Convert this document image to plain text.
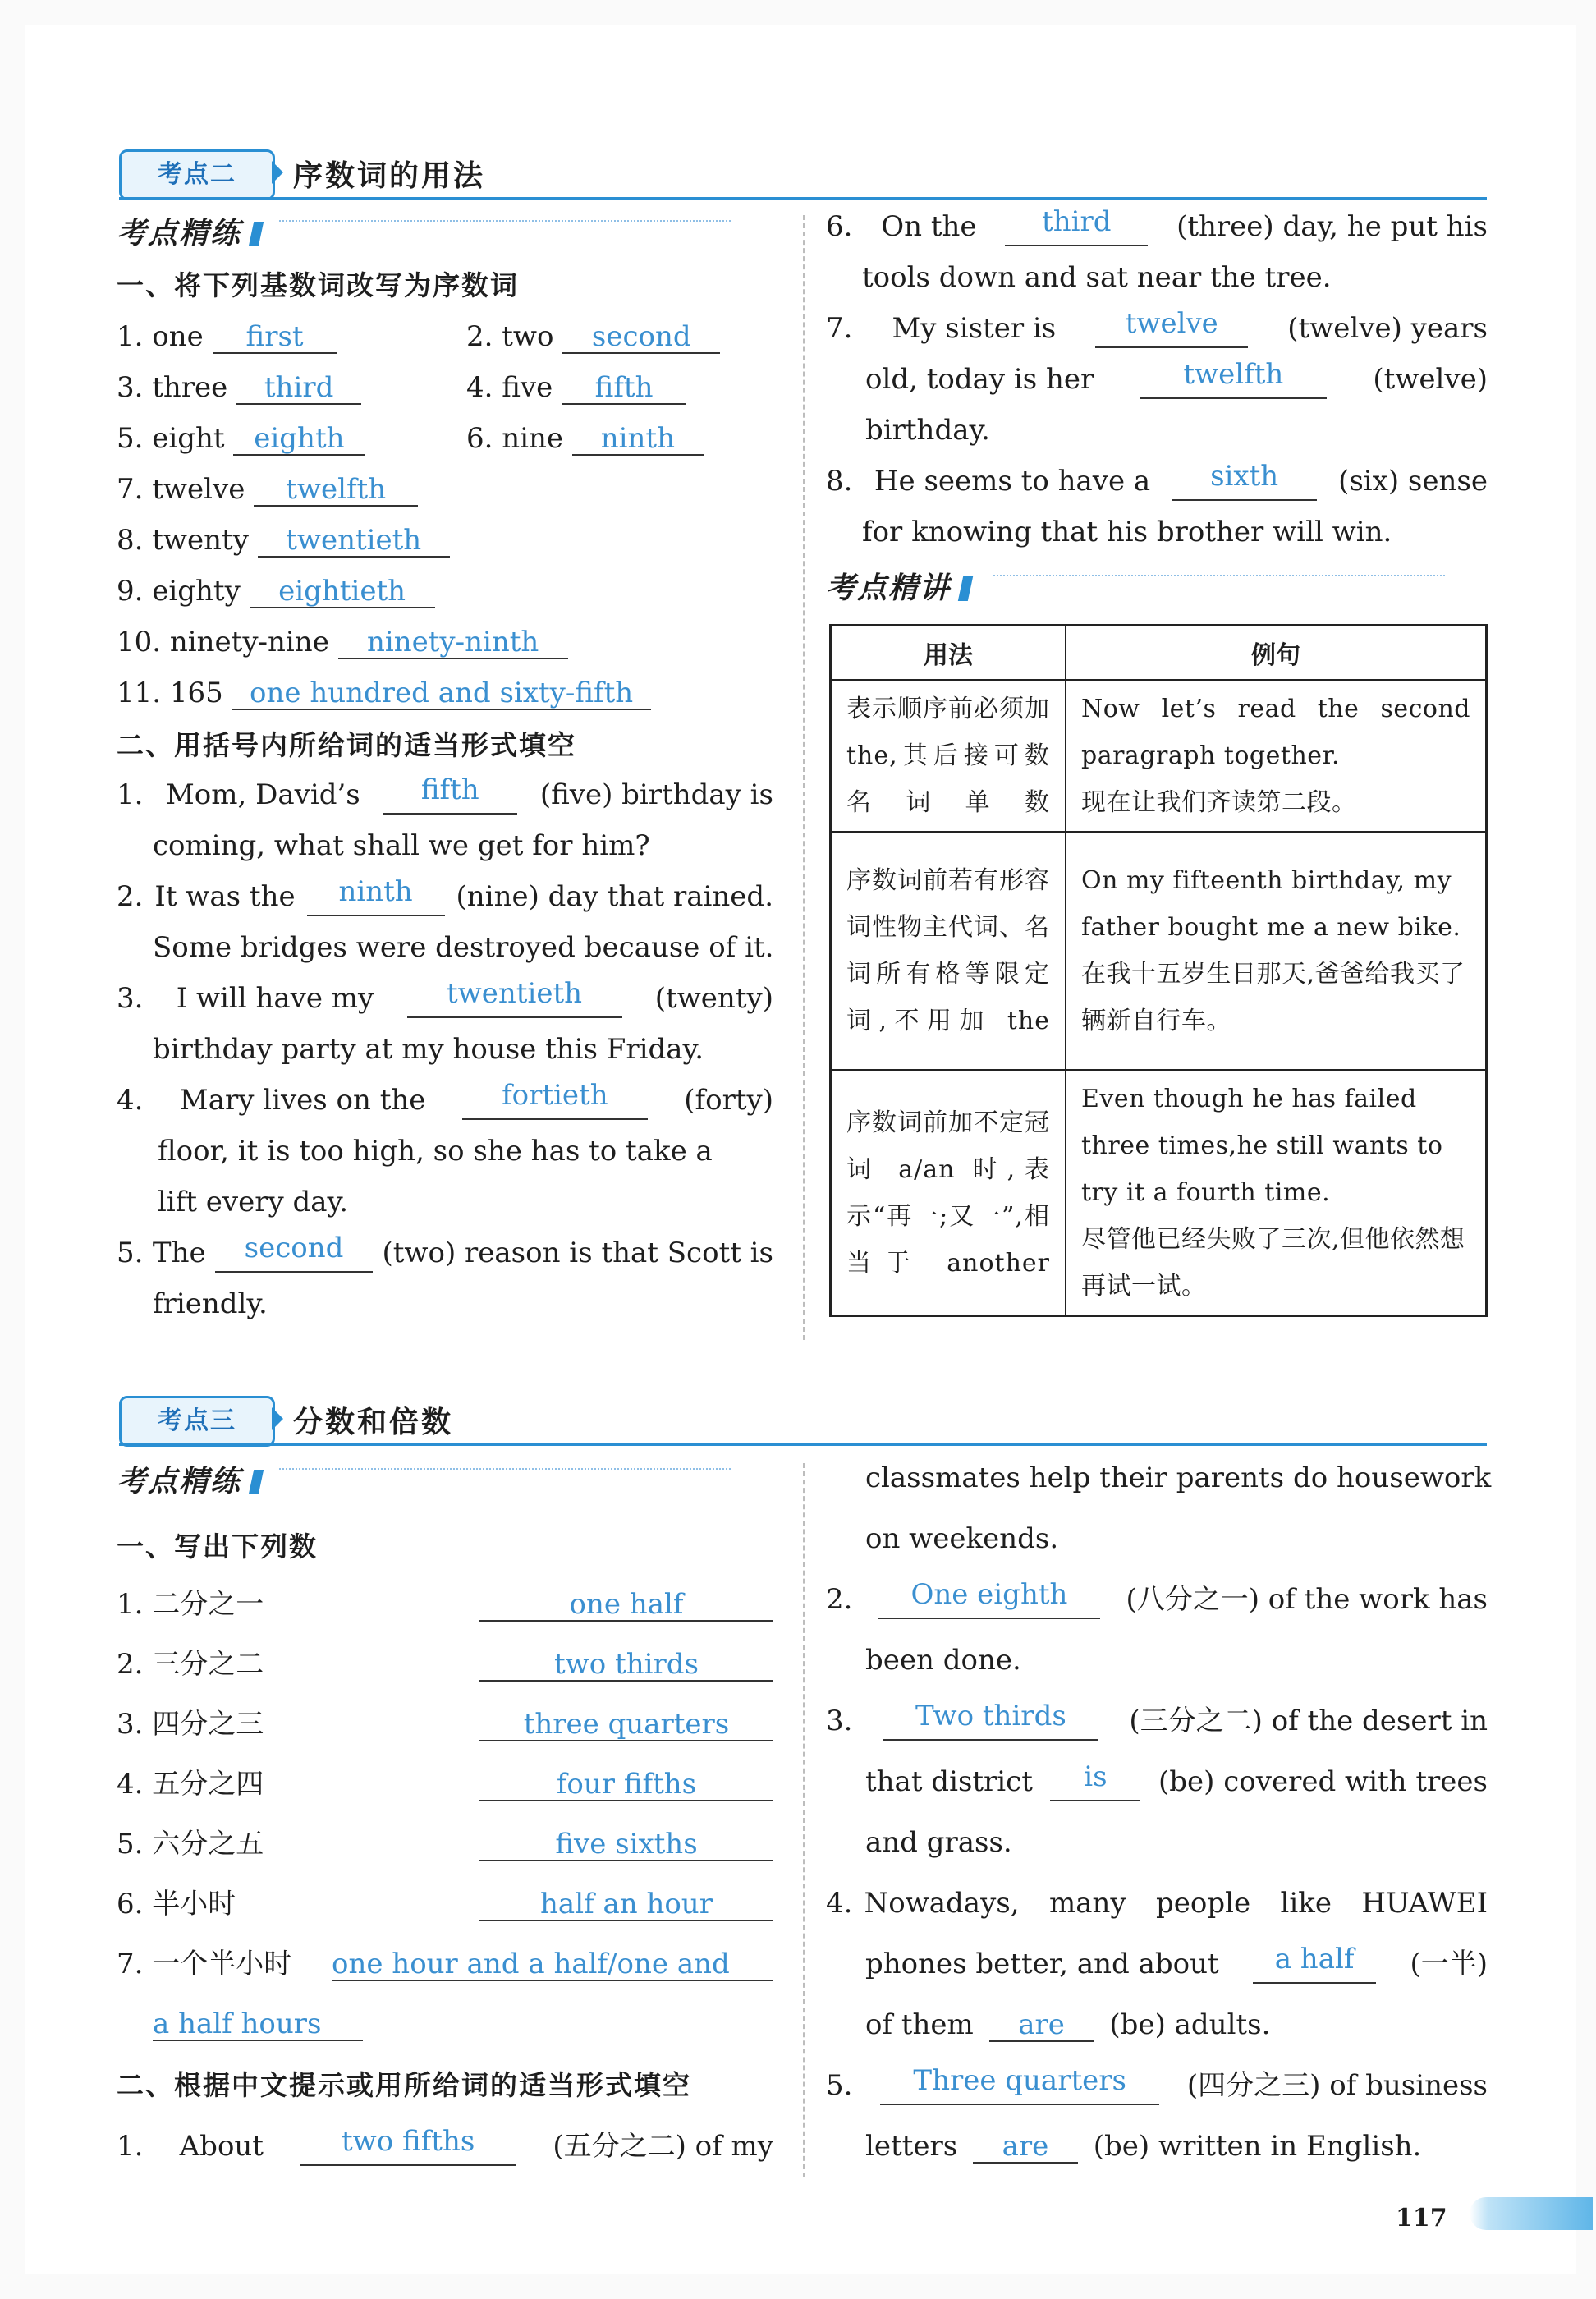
考点二	序数词的用法
考点精练
一、将下列基数词改写为序数词
1. one first	2. two second
3. three third	4. five fifth
5. eight eighth	6. nine ninth
7. twelve twelfth
8. twenty twentieth
9. eighty eightieth
10. ninety-nine ninety-ninth
11. 165 one hundred and sixty-fifth
二、用括号内所给词的适当形式填空
1. Mom, David’s	fifth	(five) birthday is
coming, what shall we get for him?
2. It was the	ninth	(nine) day that rained.
Some bridges were destroyed because of it.
3. I will have my	twentieth	(twenty)
birthday party at my house this Friday.
4. Mary lives on the	fortieth	(forty)
floor, it is too high, so she has to take a
lift every day.
5. The	second	(two) reason is that Scott is
friendly.
6. On the	third	(three) day, he put his
tools down and sat near the tree.
7. My sister is	twelve	(twelve) years
old, today is her	twelfth	(twelve)
birthday.
8. He seems to have a	sixth	(six) sense
for knowing that his brother will win.
考点精讲
用法	例句
表示顺序前必须加 the,其后接可数名词单数	Now let’s read the second paragraph together.
现在让我们齐读第二段。

序数词前若有形容词性物主代词、名词所有格等限定词,不用加 the	On my fifteenth birthday, my father bought me a new bike.
在我十五岁生日那天,爸爸给我买了辆新自行车。

序数词前加不定冠词 a/an 时,表示“再一;又一”,相当于 another	Even though he has failed three times,he still wants to try it a fourth time.
尽管他已经失败了三次,但他依然想再试一试。
考点三	分数和倍数
考点精练
一、写出下列数
1. 二分之一	one half
2. 三分之二	two thirds
3. 四分之三	three quarters
4. 五分之四	four fifths
5. 六分之五	five sixths
6. 半小时	half an hour
7. 一个半小时 one hour and a half/one and
a half hours
二、根据中文提示或用所给词的适当形式填空
1. About	two fifths	(五分之二) of my
classmates help their parents do housework
on weekends.
2.	One eighth	(八分之一) of the work has
been done.
3.	Two thirds	(三分之二) of the desert in
that district	is	(be) covered with trees
and grass.
4. Nowadays, many people like HUAWEI
phones better, and about	a half	(一半)
of them are (be) adults.
5.	Three quarters	(四分之三) of business
letters are (be) written in English.
117
